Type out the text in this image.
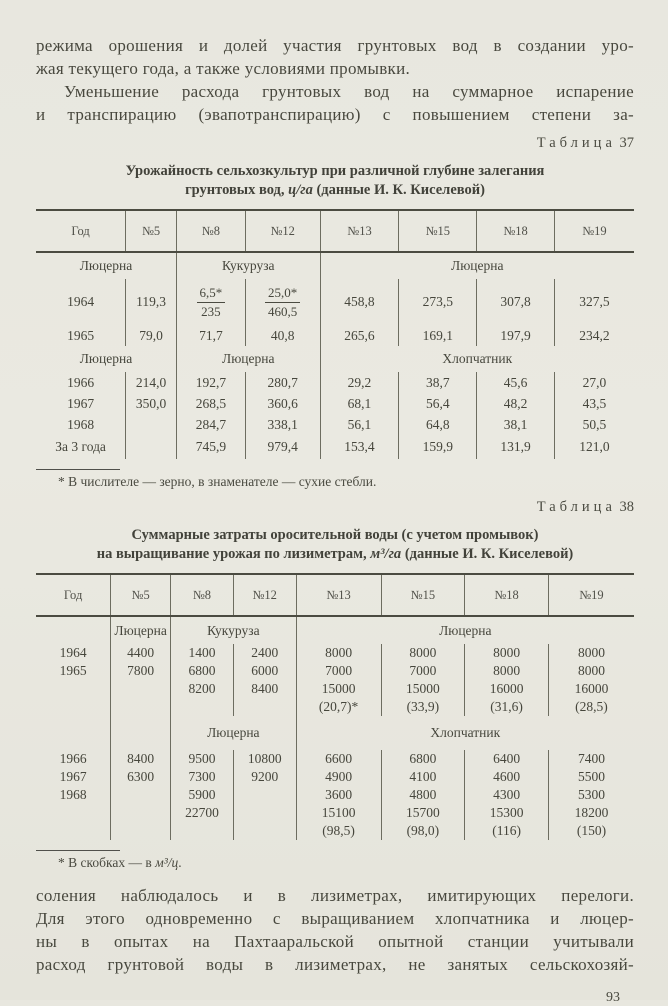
режима орошения и долей участия грунтовых вод в создании уро-
жая текущего года, а также условиями промывки.
Уменьшение расхода грунтовых вод на суммарное испарение
и транспирацию (эвапотранспирацию) с повышением степени за-
Таблица 37
Урожайность сельхозкультур при различной глубине залегания
грунтовых вод, ц/га (данные И. К. Киселевой)
Год	№5	№8	№12	№13	№15	№18	№19
Люцерна		Кукуруза		Люцерна			
1964	119,3	$\frac{6,5*}{235}$	$\frac{25,0*}{460,5}$	458,8	273,5	307,8	327,5
1965	79,0	71,7	40,8	265,6	169,1	197,9	234,2
Люцерна		Люцерна		Хлопчатник			
1966	214,0	192,7	280,7	29,2	38,7	45,6	27,0
1967	350,0	268,5	360,6	68,1	56,4	48,2	43,5
1968		284,7	338,1	56,1	64,8	38,1	50,5
За 3 года		745,9	979,4	153,4	159,9	131,9	121,0
* В числителе — зерно, в знаменателе — сухие стебли.
Таблица 38
Суммарные затраты оросительной воды (с учетом промывок)
на выращивание урожая по лизиметрам, м³/га (данные И. К. Киселевой)
Год	№5	№8	№12	№13	№15	№18	№19
	Люцерна	Кукуруза		Люцерна			
1964	4400	1400	2400	8000	8000	8000	8000
1965	7800	6800	6000	7000	7000	8000	8000
		8200	8400	15000	15000	16000	16000
				(20,7)*	(33,9)	(31,6)	(28,5)
		Люцерна		Хлопчатник			
1966	8400	9500	10800	6600	6800	6400	7400
1967	6300	7300	9200	4900	4100	4600	5500
1968		5900		3600	4800	4300	5300
		22700		15100	15700	15300	18200
				(98,5)	(98,0)	(116)	(150)
* В скобках — в м³/ц.
соления наблюдалось и в лизиметрах, имитирующих перелоги.
Для этого одновременно с выращиванием хлопчатника и люцер-
ны в опытах на Пахтааральской опытной станции учитывали
расход грунтовой воды в лизиметрах, не занятых сельскохозяй-
93
